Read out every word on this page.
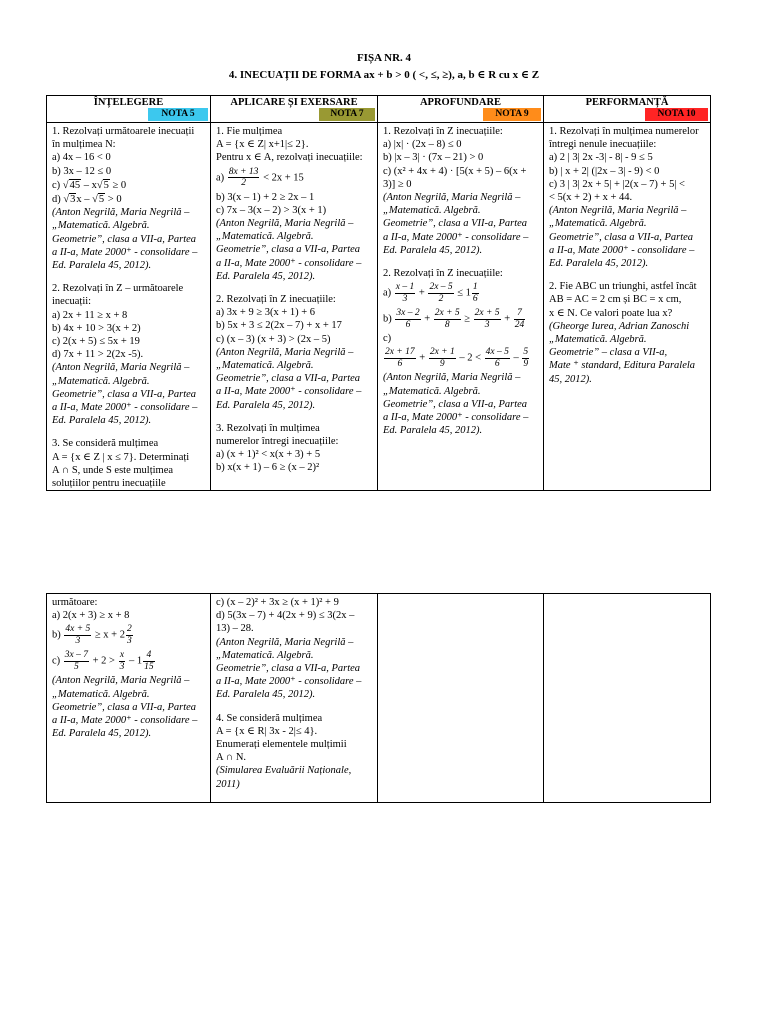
FIȘA NR. 4
4. INECUAȚII DE FORMA ax + b > 0 ( <, ≤, ≥), a, b ∈ R cu x ∈ Z
ÎNȚELEGERE
NOTA 5
APLICARE ȘI EXERSARE
NOTA 7
APROFUNDARE
NOTA 9
PERFORMANȚĂ
NOTA 10
1. Rezolvați următoarele inecuații
în mulțimea N:
a) 4x – 16 < 0
b) 3x – 12 ≤ 0
c) √ 45 – x√ 5 ≥ 0
d) √ 3x – √ 5 > 0
(Anton Negrilă, Maria Negrilă –
„Matematică. Algebră.
Geometrie”, clasa a VII-a, Partea
a II-a, Mate 2000⁺ - consolidare –
Ed. Paralela 45, 2012).
2. Rezolvați în Z – următoarele
inecuații:
a) 2x + 11 ≥ x + 8
b) 4x + 10 > 3(x + 2)
c) 2(x + 5) ≤ 5x + 19
d) 7x + 11 > 2(2x -5).
(Anton Negrilă, Maria Negrilă –
„Matematică. Algebră.
Geometrie”, clasa a VII-a, Partea
a II-a, Mate 2000⁺ - consolidare –
Ed. Paralela 45, 2012).
3. Se consideră mulțimea
A = {x ∈ Z | x ≤ 7}. Determinați
A ∩ S, unde S este mulțimea
soluțiilor pentru inecuațiile
1. Fie mulțimea
A = {x ∈ Z| x+1|≤ 2}.
Pentru x ∈ A, rezolvați inecuațiile:
$a) \frac{8x + 13}{2} < 2x + 15$
b) 3(x – 1) + 2 ≥ 2x – 1
c) 7x – 3(x – 2) > 3(x + 1)
(Anton Negrilă, Maria Negrilă –
„Matematică. Algebră.
Geometrie”, clasa a VII-a, Partea
a II-a, Mate 2000⁺ - consolidare –
Ed. Paralela 45, 2012).
2. Rezolvați în Z inecuațiile:
a) 3x + 9 ≥ 3(x + 1) + 6
b) 5x + 3 ≤ 2(2x – 7) + x + 17
c) (x – 3) (x + 3) > (2x – 5)
(Anton Negrilă, Maria Negrilă –
„Matematică. Algebră.
Geometrie”, clasa a VII-a, Partea
a II-a, Mate 2000⁺ - consolidare –
Ed. Paralela 45, 2012).
3. Rezolvați în mulțimea
numerelor întregi inecuațiile:
a) (x + 1)² < x(x + 3) + 5
b) x(x + 1) – 6 ≥ (x – 2)²
1. Rezolvați în Z inecuațiile:
a) |x| · (2x – 8) ≤ 0
b) |x – 3| · (7x – 21) > 0
c) (x² + 4x + 4) · [5(x + 5) – 6(x +
3)] ≥ 0
(Anton Negrilă, Maria Negrilă –
„Matematică. Algebră.
Geometrie”, clasa a VII-a, Partea
a II-a, Mate 2000⁺ - consolidare –
Ed. Paralela 45, 2012).
2. Rezolvați în Z inecuațiile:
$a) \frac{x - 1}{3} + \frac{2x - 5}{2} \le 1 \frac{1}{6}$
$b) \frac{3x - 2}{6} + \frac{2x + 5}{8} \ge \frac{2x + 5}{3} + \frac{7}{24}$
c)
$\frac{2x + 17}{6} + \frac{2x + 1}{9} - 2 < \frac{4x - 5}{6} - \frac{5}{9}$
(Anton Negrilă, Maria Negrilă –
„Matematică. Algebră.
Geometrie”, clasa a VII-a, Partea
a II-a, Mate 2000⁺ - consolidare –
Ed. Paralela 45, 2012).
1. Rezolvați în mulțimea numerelor
întregi nenule inecuațiile:
a) 2 | 3| 2x -3| - 8| - 9 ≤ 5
b) | x + 2| (|2x – 3| - 9) < 0
c) 3 | 3| 2x + 5| + |2(x – 7) + 5| <
< 5(x + 2) + x + 44.
(Anton Negrilă, Maria Negrilă –
„Matematică. Algebră.
Geometrie”, clasa a VII-a, Partea
a II-a, Mate 2000⁺ - consolidare –
Ed. Paralela 45, 2012).
2. Fie ABC un triunghi, astfel încât
AB = AC = 2 cm și BC = x cm,
x ∈ N. Ce valori poate lua x?
(Gheorge Iurea, Adrian Zanoschi
„Matematică. Algebră.
Geometrie” – clasa a VII-a,
Mate ⁺ standard, Editura Paralela
45, 2012).
următoare:
a) 2(x + 3) ≥ x + 8
$b) \frac{4x + 5}{3} \ge x + 2 \frac{2}{3}$
$c) \frac{3x - 7}{5} + 2 > \frac{x}{3} - 1 \frac{4}{15}$
(Anton Negrilă, Maria Negrilă –
„Matematică. Algebră.
Geometrie”, clasa a VII-a, Partea
a II-a, Mate 2000⁺ - consolidare –
Ed. Paralela 45, 2012).
c) (x – 2)² + 3x ≥ (x + 1)² + 9
d) 5(3x – 7) + 4(2x + 9) ≤ 3(2x –
13) – 28.
(Anton Negrilă, Maria Negrilă –
„Matematică. Algebră.
Geometrie”, clasa a VII-a, Partea
a II-a, Mate 2000⁺ - consolidare –
Ed. Paralela 45, 2012).
4. Se consideră mulțimea
A = {x ∈ R| 3x - 2|≤ 4}.
Enumerați elementele mulțimii
A ∩ N.
(Simularea Evaluării Naționale,
2011)
